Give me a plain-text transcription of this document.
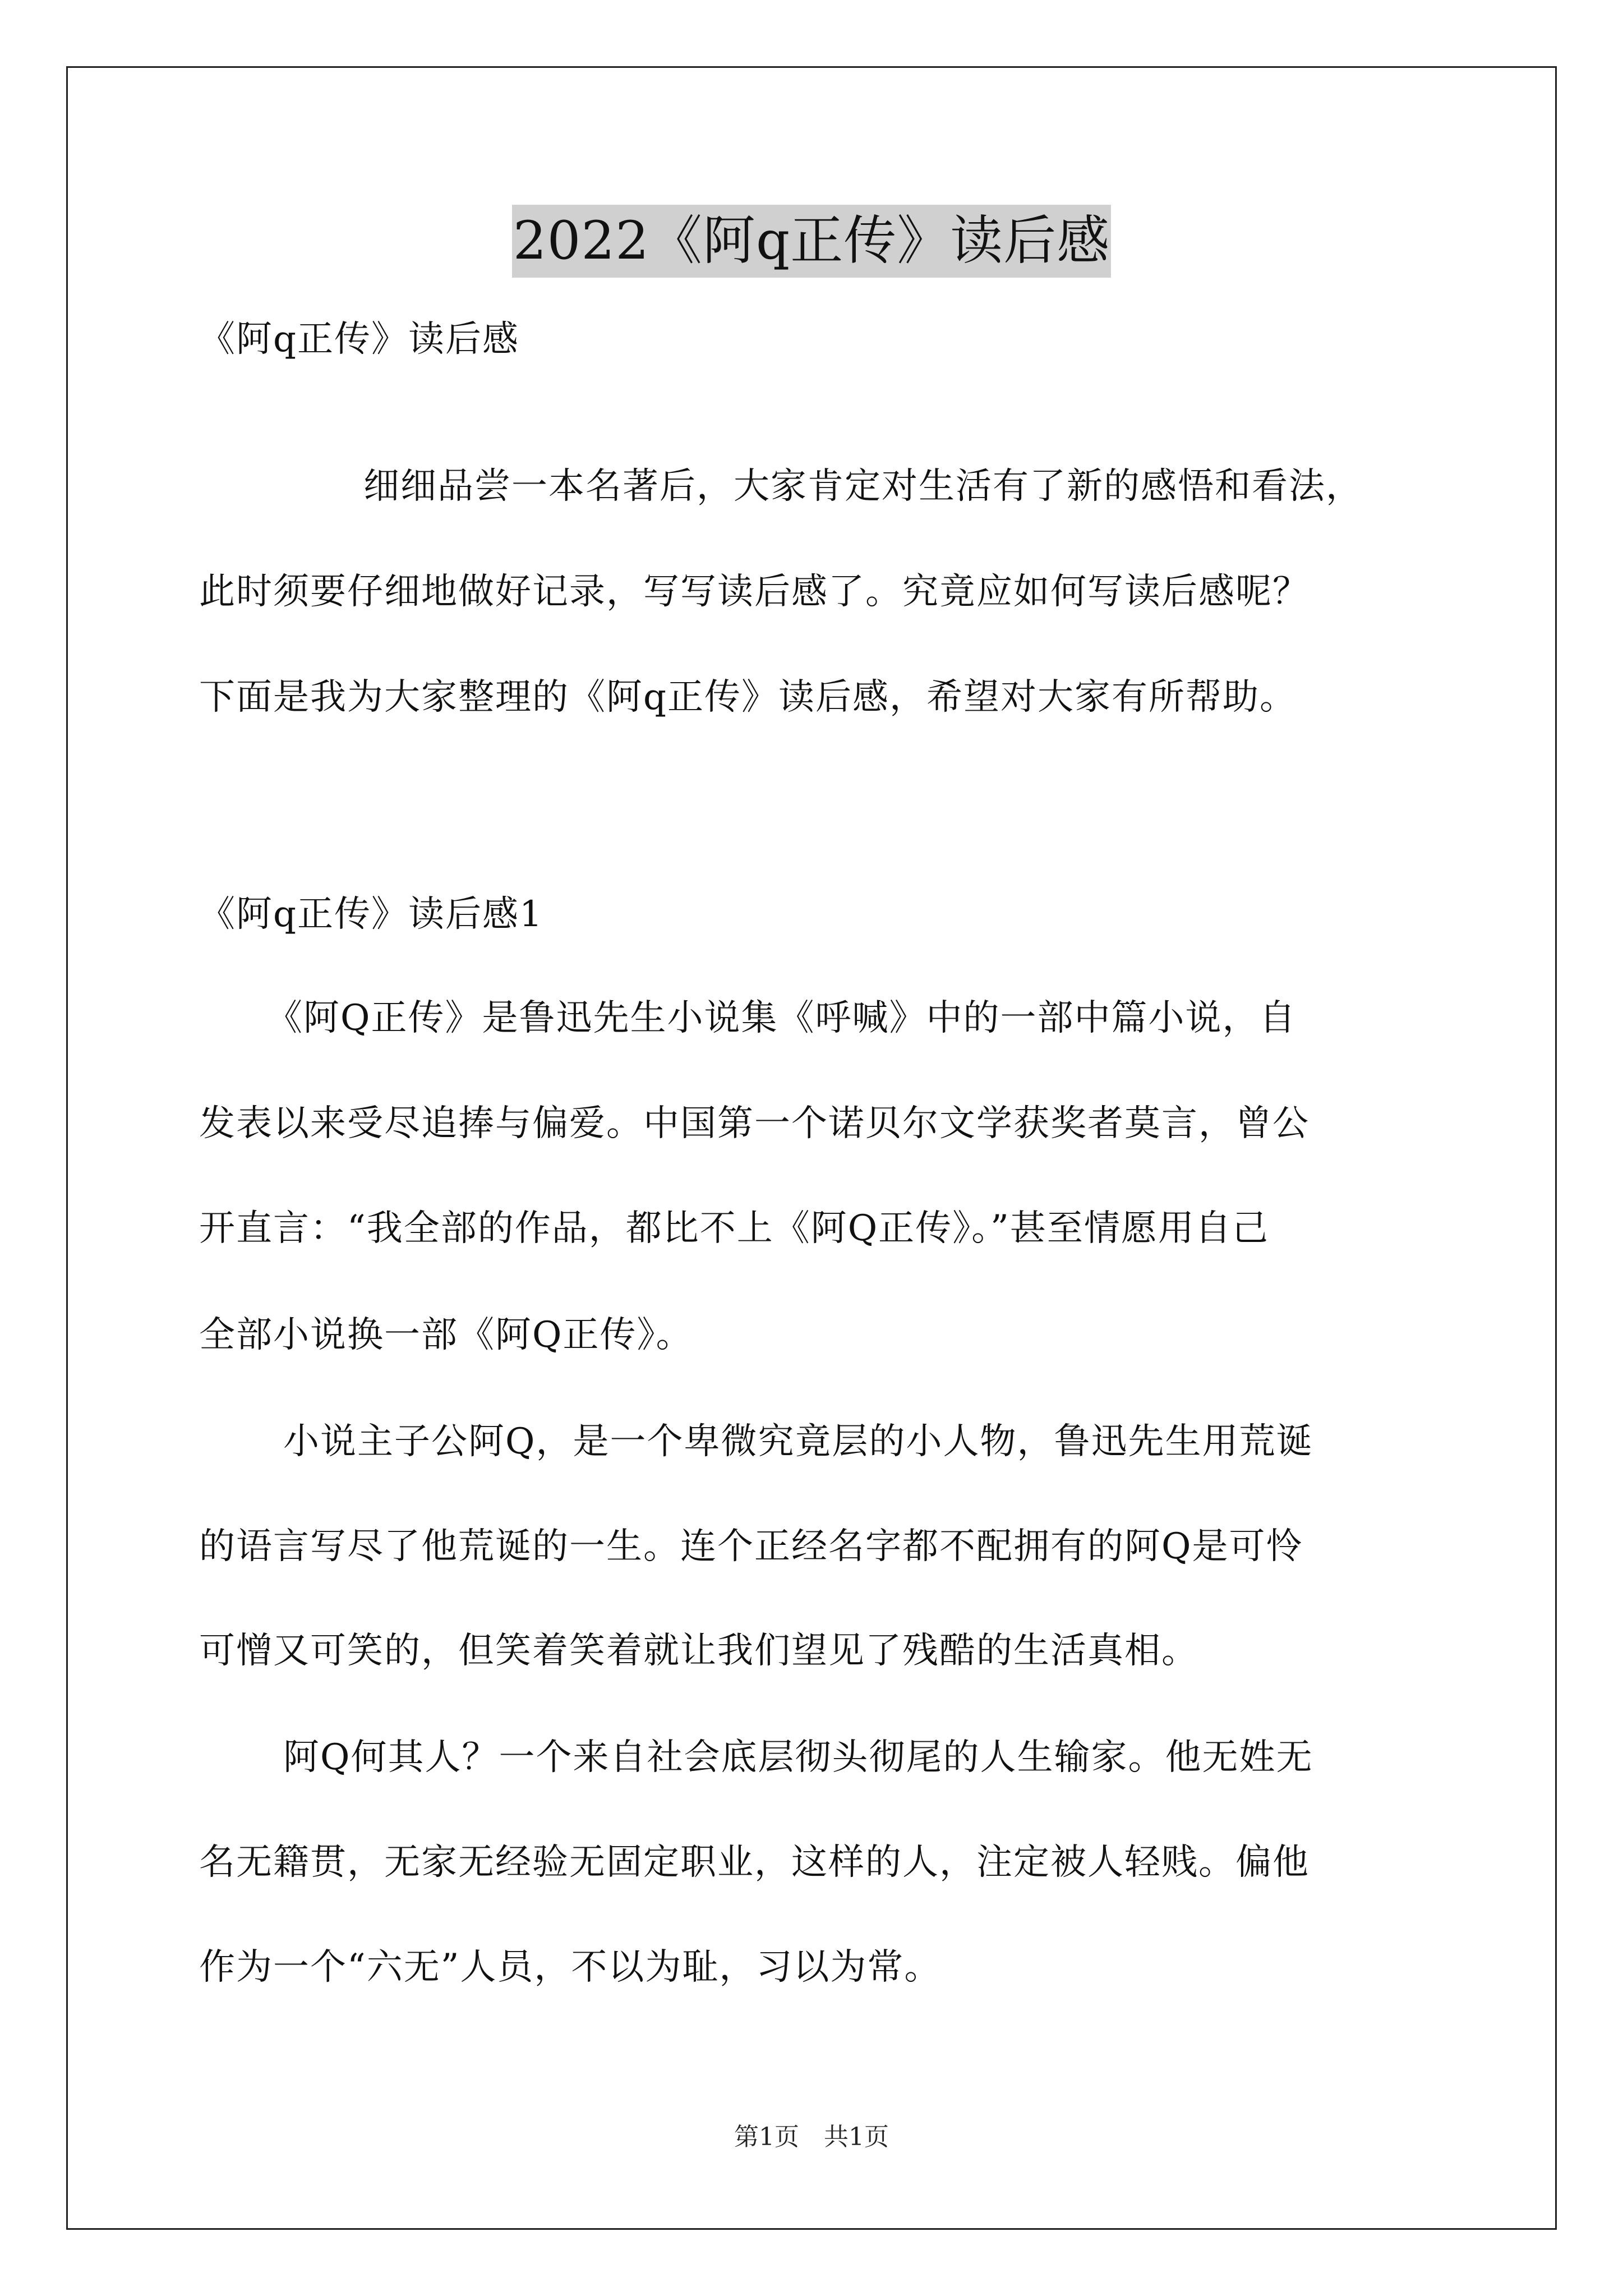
2022《阿q正传》读后感
《阿q正传》读后感
细细品尝一本名著后，大家肯定对生活有了新的感悟和看法，
此时须要仔细地做好记录，写写读后感了。究竟应如何写读后感呢？
下面是我为大家整理的《阿q正传》读后感，希望对大家有所帮助。
《阿q正传》读后感1
《阿Q正传》是鲁迅先生小说集《呼喊》中的一部中篇小说，自
发表以来受尽追捧与偏爱。中国第一个诺贝尔文学获奖者莫言，曾公
开直言：“我全部的作品，都比不上《阿Q正传》。”甚至情愿用自己
全部小说换一部《阿Q正传》。
小说主子公阿Q，是一个卑微究竟层的小人物，鲁迅先生用荒诞
的语言写尽了他荒诞的一生。连个正经名字都不配拥有的阿Q是可怜
可憎又可笑的，但笑着笑着就让我们望见了残酷的生活真相。
阿Q何其人？一个来自社会底层彻头彻尾的人生输家。他无姓无
名无籍贯，无家无经验无固定职业，这样的人，注定被人轻贱。偏他
作为一个“六无”人员，不以为耻，习以为常。
第1页　共1页
